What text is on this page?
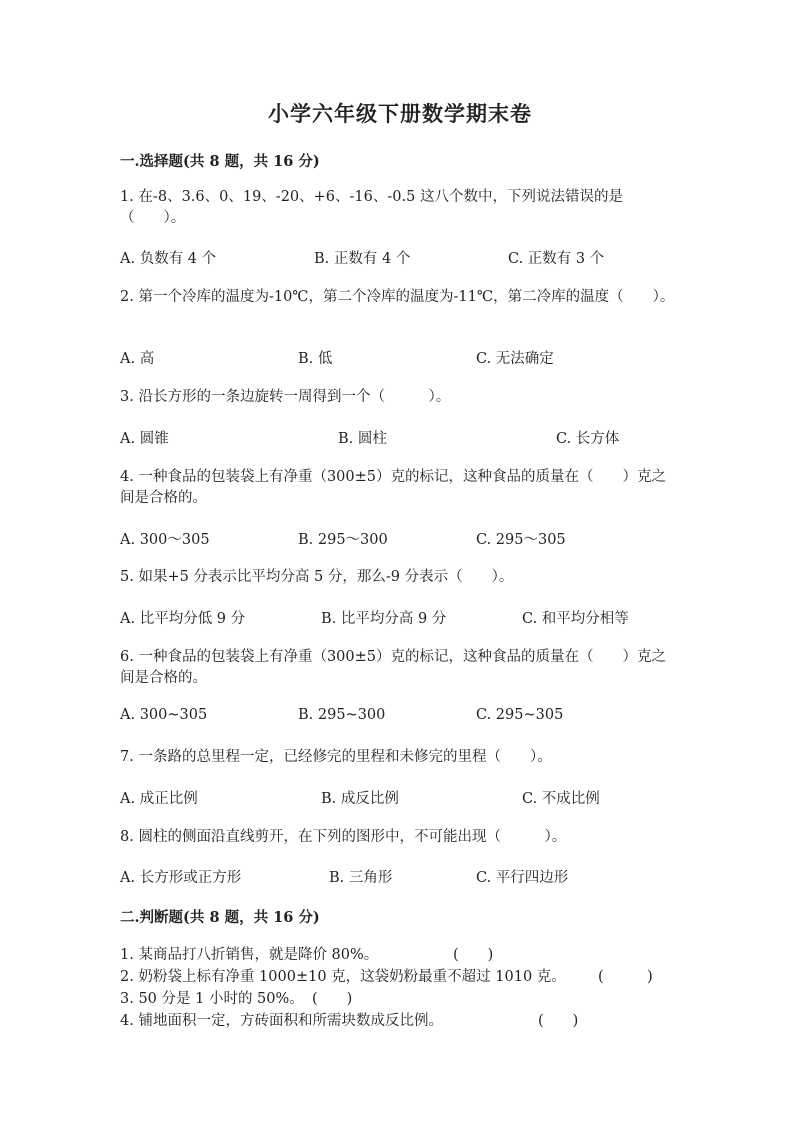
小学六年级下册数学期末卷
一.选择题(共 8 题，共 16 分)
1. 在-8、3.6、0、19、-20、+6、-16、-0.5 这八个数中，下列说法错误的是（　　）。
A. 负数有 4 个	B. 正数有 4 个	C. 正数有 3 个
2. 第一个冷库的温度为-10℃，第二个冷库的温度为-11℃，第二冷库的温度（　　）。
A. 高	B. 低	C. 无法确定
3. 沿长方形的一条边旋转一周得到一个（　　　）。
A. 圆锥	B. 圆柱	C. 长方体
4. 一种食品的包装袋上有净重（300±5）克的标记，这种食品的质量在（　　）克之间是合格的。
A. 300～305	B. 295～300	C. 295～305
5. 如果+5 分表示比平均分高 5 分，那么-9 分表示（　　）。
A. 比平均分低 9 分	B. 比平均分高 9 分	C. 和平均分相等
6. 一种食品的包装袋上有净重（300±5）克的标记，这种食品的质量在（　　）克之间是合格的。
A. 300~305	B. 295~300	C. 295~305
7. 一条路的总里程一定，已经修完的里程和未修完的里程（　　）。
A. 成正比例	B. 成反比例	C. 不成比例
8. 圆柱的侧面沿直线剪开，在下列的图形中，不可能出现（　　　）。
A. 长方形或正方形	B. 三角形	C. 平行四边形
二.判断题(共 8 题，共 16 分)
1. 某商品打八折销售，就是降价 80%。	(　　)
2. 奶粉袋上标有净重 1000±10 克，这袋奶粉最重不超过 1010 克。 (　　　)
3. 50 分是 1 小时的 50%。 (　　)
4. 铺地面积一定，方砖面积和所需块数成反比例。	(　　)
